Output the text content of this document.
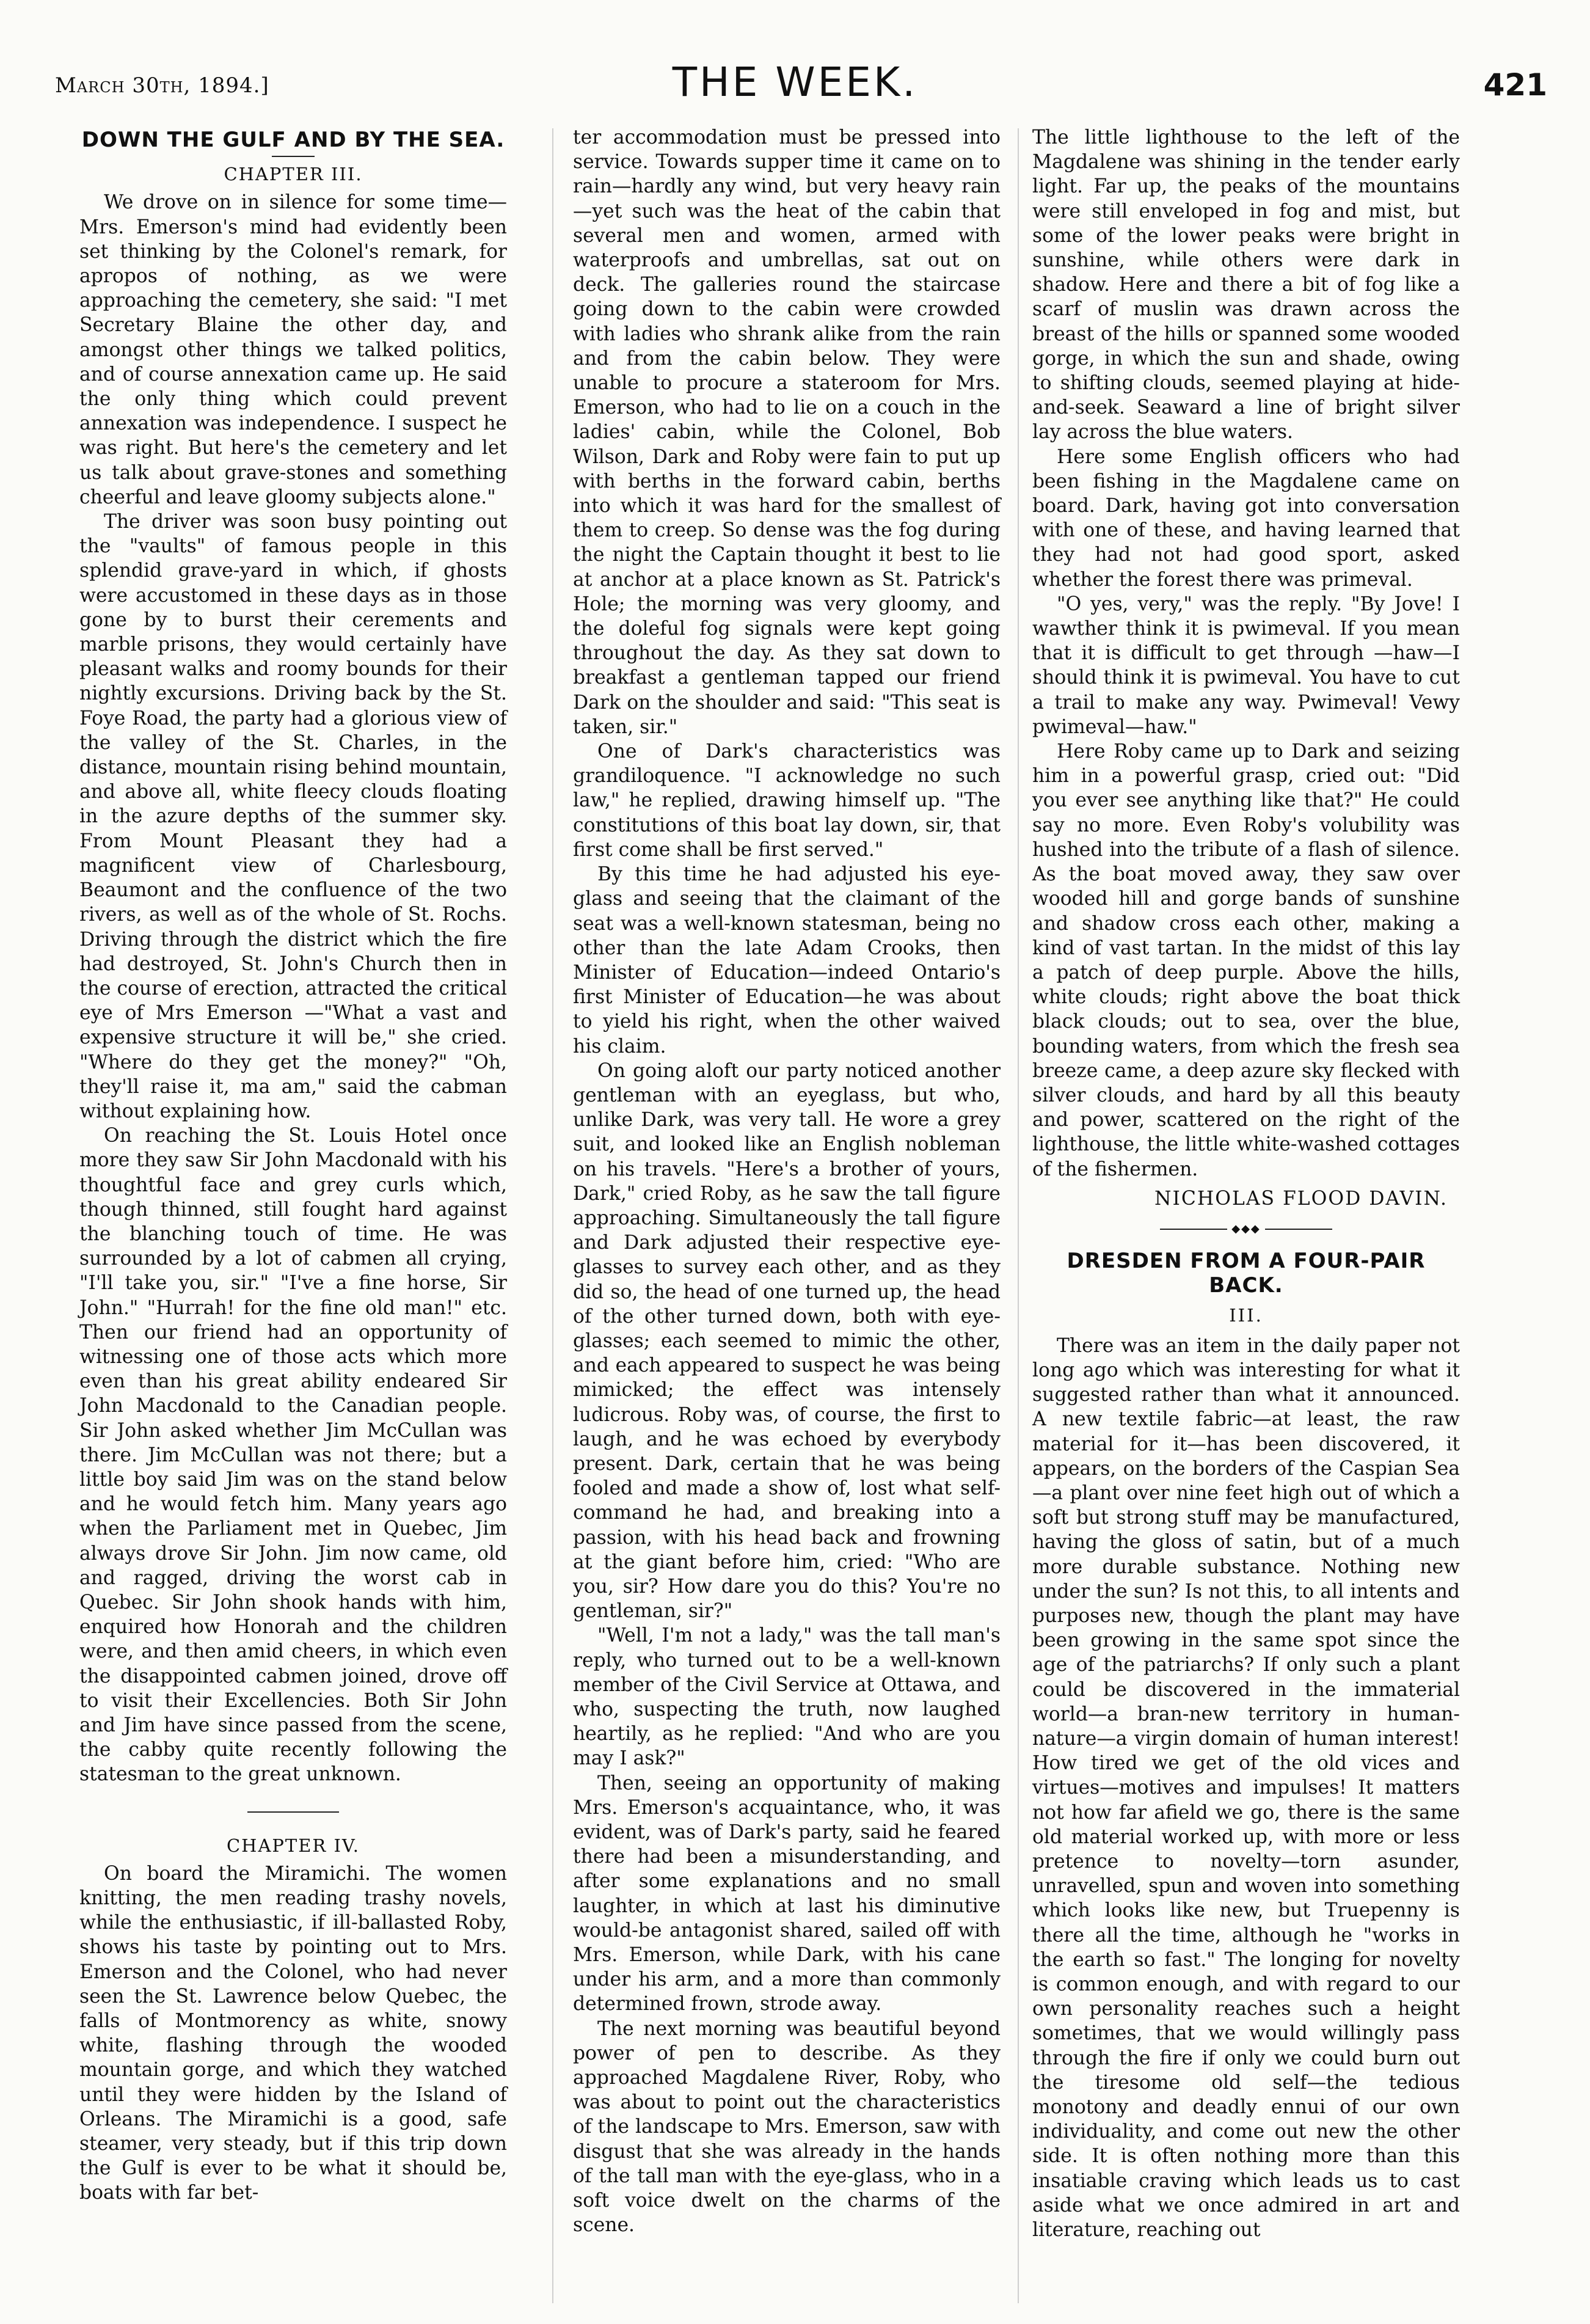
March 30th, 1894.]	THE WEEK.	421
DOWN THE GULF AND BY THE SEA.
CHAPTER III.

We drove on in silence for some time—Mrs. Emerson's mind had evidently been set thinking by the Colonel's remark, for apropos of nothing, as we were approaching the cemetery, she said: "I met Secretary Blaine the other day, and amongst other things we talked politics, and of course annexation came up. He said the only thing which could prevent annexation was independence. I suspect he was right. But here's the cemetery and let us talk about grave-stones and something cheerful and leave gloomy subjects alone."

The driver was soon busy pointing out the "vaults" of famous people in this splendid grave-yard in which, if ghosts were accustomed in these days as in those gone by to burst their cerements and marble prisons, they would certainly have pleasant walks and roomy bounds for their nightly excursions. Driving back by the St. Foye Road, the party had a glorious view of the valley of the St. Charles, in the distance, mountain rising behind mountain, and above all, white fleecy clouds floating in the azure depths of the summer sky. From Mount Pleasant they had a magnificent view of Charlesbourg, Beaumont and the confluence of the two rivers, as well as of the whole of St. Rochs. Driving through the district which the fire had destroyed, St. John's Church then in the course of erection, attracted the critical eye of Mrs Emerson —"What a vast and expensive structure it will be," she cried. "Where do they get the money?" "Oh, they'll raise it, ma am," said the cabman without explaining how.

On reaching the St. Louis Hotel once more they saw Sir John Macdonald with his thoughtful face and grey curls which, though thinned, still fought hard against the blanching touch of time. He was surrounded by a lot of cabmen all crying, "I'll take you, sir." "I've a fine horse, Sir John." "Hurrah! for the fine old man!" etc. Then our friend had an opportunity of witnessing one of those acts which more even than his great ability endeared Sir John Macdonald to the Canadian people. Sir John asked whether Jim McCullan was there. Jim McCullan was not there; but a little boy said Jim was on the stand below and he would fetch him. Many years ago when the Parliament met in Quebec, Jim always drove Sir John. Jim now came, old and ragged, driving the worst cab in Quebec. Sir John shook hands with him, enquired how Honorah and the children were, and then amid cheers, in which even the disappointed cabmen joined, drove off to visit their Excellencies. Both Sir John and Jim have since passed from the scene, the cabby quite recently following the statesman to the great unknown.

CHAPTER IV.

On board the Miramichi. The women knitting, the men reading trashy novels, while the enthusiastic, if ill-ballasted Roby, shows his taste by pointing out to Mrs. Emerson and the Colonel, who had never seen the St. Lawrence below Quebec, the falls of Montmorency as white, snowy white, flashing through the wooded mountain gorge, and which they watched until they were hidden by the Island of Orleans. The Miramichi is a good, safe steamer, very steady, but if this trip down the Gulf is ever to be what it should be, boats with far bet-

ter accommodation must be pressed into service. Towards supper time it came on to rain—hardly any wind, but very heavy rain—yet such was the heat of the cabin that several men and women, armed with waterproofs and umbrellas, sat out on deck. The galleries round the staircase going down to the cabin were crowded with ladies who shrank alike from the rain and from the cabin below. They were unable to procure a stateroom for Mrs. Emerson, who had to lie on a couch in the ladies' cabin, while the Colonel, Bob Wilson, Dark and Roby were fain to put up with berths in the forward cabin, berths into which it was hard for the smallest of them to creep. So dense was the fog during the night the Captain thought it best to lie at anchor at a place known as St. Patrick's Hole; the morning was very gloomy, and the doleful fog signals were kept going throughout the day. As they sat down to breakfast a gentleman tapped our friend Dark on the shoulder and said: "This seat is taken, sir."

One of Dark's characteristics was grandiloquence. "I acknowledge no such law," he replied, drawing himself up. "The constitutions of this boat lay down, sir, that first come shall be first served."

By this time he had adjusted his eye-glass and seeing that the claimant of the seat was a well-known statesman, being no other than the late Adam Crooks, then Minister of Education—indeed Ontario's first Minister of Education—he was about to yield his right, when the other waived his claim.

On going aloft our party noticed another gentleman with an eyeglass, but who, unlike Dark, was very tall. He wore a grey suit, and looked like an English nobleman on his travels. "Here's a brother of yours, Dark," cried Roby, as he saw the tall figure approaching. Simultaneously the tall figure and Dark adjusted their respective eye-glasses to survey each other, and as they did so, the head of one turned up, the head of the other turned down, both with eye-glasses; each seemed to mimic the other, and each appeared to suspect he was being mimicked; the effect was intensely ludicrous. Roby was, of course, the first to laugh, and he was echoed by everybody present. Dark, certain that he was being fooled and made a show of, lost what self-command he had, and breaking into a passion, with his head back and frowning at the giant before him, cried: "Who are you, sir? How dare you do this? You're no gentleman, sir?"

"Well, I'm not a lady," was the tall man's reply, who turned out to be a well-known member of the Civil Service at Ottawa, and who, suspecting the truth, now laughed heartily, as he replied: "And who are you may I ask?"

Then, seeing an opportunity of making Mrs. Emerson's acquaintance, who, it was evident, was of Dark's party, said he feared there had been a misunderstanding, and after some explanations and no small laughter, in which at last his diminutive would-be antagonist shared, sailed off with Mrs. Emerson, while Dark, with his cane under his arm, and a more than commonly determined frown, strode away.

The next morning was beautiful beyond power of pen to describe. As they approached Magdalene River, Roby, who was about to point out the characteristics of the landscape to Mrs. Emerson, saw with disgust that she was already in the hands of the tall man with the eye-glass, who in a soft voice dwelt on the charms of the scene.

The little lighthouse to the left of the Magdalene was shining in the tender early light. Far up, the peaks of the mountains were still enveloped in fog and mist, but some of the lower peaks were bright in sunshine, while others were dark in shadow. Here and there a bit of fog like a scarf of muslin was drawn across the breast of the hills or spanned some wooded gorge, in which the sun and shade, owing to shifting clouds, seemed playing at hide-and-seek. Seaward a line of bright silver lay across the blue waters.

Here some English officers who had been fishing in the Magdalene came on board. Dark, having got into conversation with one of these, and having learned that they had not had good sport, asked whether the forest there was primeval.

"O yes, very," was the reply. "By Jove! I wawther think it is pwimeval. If you mean that it is difficult to get through —haw—I should think it is pwimeval. You have to cut a trail to make any way. Pwimeval! Vewy pwimeval—haw."

Here Roby came up to Dark and seizing him in a powerful grasp, cried out: "Did you ever see anything like that?" He could say no more. Even Roby's volubility was hushed into the tribute of a flash of silence. As the boat moved away, they saw over wooded hill and gorge bands of sunshine and shadow cross each other, making a kind of vast tartan. In the midst of this lay a patch of deep purple. Above the hills, white clouds; right above the boat thick black clouds; out to sea, over the blue, bounding waters, from which the fresh sea breeze came, a deep azure sky flecked with silver clouds, and hard by all this beauty and power, scattered on the right of the lighthouse, the little white-washed cottages of the fishermen.

NICHOLAS FLOOD DAVIN.
◆◆◆
DRESDEN FROM A FOUR-PAIR BACK.
III.

There was an item in the daily paper not long ago which was interesting for what it suggested rather than what it announced. A new textile fabric—at least, the raw material for it—has been discovered, it appears, on the borders of the Caspian Sea —a plant over nine feet high out of which a soft but strong stuff may be manufactured, having the gloss of satin, but of a much more durable substance. Nothing new under the sun? Is not this, to all intents and purposes new, though the plant may have been growing in the same spot since the age of the patriarchs? If only such a plant could be discovered in the immaterial world—a bran-new territory in human-nature—a virgin domain of human interest! How tired we get of the old vices and virtues—motives and impulses! It matters not how far afield we go, there is the same old material worked up, with more or less pretence to novelty—torn asunder, unravelled, spun and woven into something which looks like new, but Truepenny is there all the time, although he "works in the earth so fast." The longing for novelty is common enough, and with regard to our own personality reaches such a height sometimes, that we would willingly pass through the fire if only we could burn out the tiresome old self—the tedious monotony and deadly ennui of our own individuality, and come out new the other side. It is often nothing more than this insatiable craving which leads us to cast aside what we once admired in art and literature, reaching out
